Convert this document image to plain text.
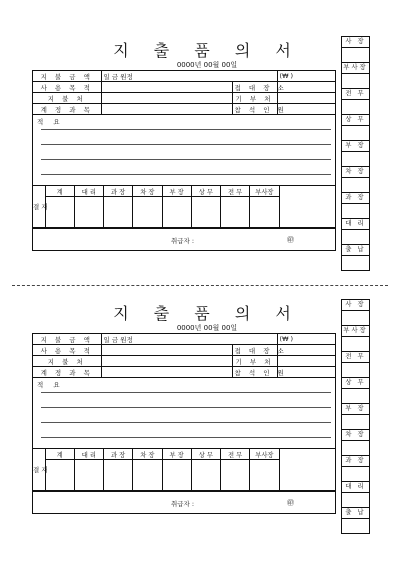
지 출 품 의 서
0000년 00월 00일
지 불 금 액	일 금 원정		(₩ )
사 용 목 적		접 대 장 소	
지 불 처		기 부 처	
계 정 과 목		참 석 인 원	
적 요
결 재	계	대 리	과 장	차 장	부 장	상 무	전 무	부사장	

취급자 :	㊞
사 장
부사장
전 무
상 무
부 장
차 장
과 장
대 리
출 납
지 출 품 의 서
0000년 00월 00일
지 불 금 액	일 금 원정		(₩ )
사 용 목 적		접 대 장 소	
지 불 처		기 부 처	
계 정 과 목		참 석 인 원	
적 요
결 재	계	대 리	과 장	차 장	부 장	상 무	전 무	부사장	

취급자 :	㊞
사 장
부사장
전 무
상 무
부 장
차 장
과 장
대 리
출 납
